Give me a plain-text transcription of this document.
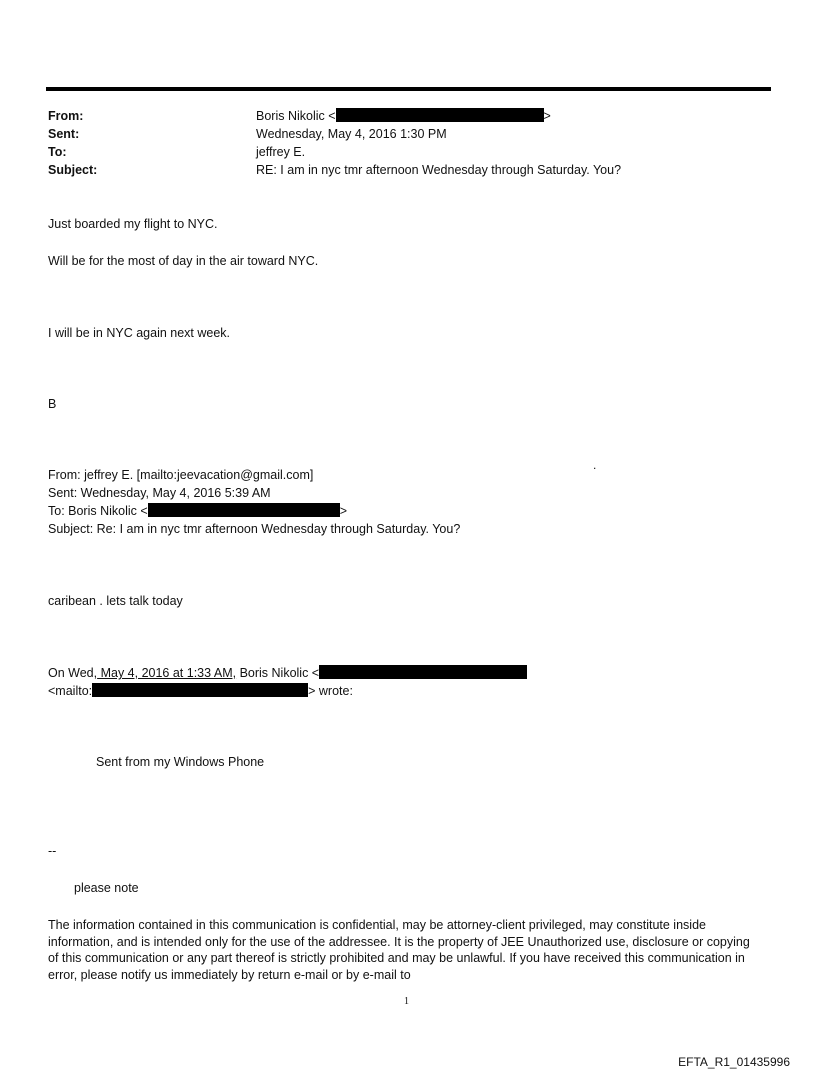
From:	Boris Nikolic <	>

Sent:	Wednesday, May 4, 2016 1:30 PM

To:	jeffrey E.

Subject:	RE: I am in nyc tmr afternoon Wednesday through Saturday. You?

Just boarded my flight to NYC.

Will be for the most of day in the air toward NYC.

I will be in NYC again next week.

B

.

From: jeffrey E. [mailto:jeevacation@gmail.com]

Sent: Wednesday, May 4, 2016 5:39 AM

To: Boris Nikolic <	>

Subject: Re: I am in nyc tmr afternoon Wednesday through Saturday. You?

caribean . lets talk today

On Wed, May 4, 2016 at 1:33 AM, Boris Nikolic <

<mailto:	> wrote:

Sent from my Windows Phone

--

please note

The information contained in this communication is confidential, may be attorney-client privileged, may constitute inside information, and is intended only for the use of the addressee. It is the property of JEE Unauthorized use, disclosure or copying of this communication or any part thereof is strictly prohibited and may be unlawful. If you have received this communication in error, please notify us immediately by return e-mail or by e-mail to

1
EFTA_R1_01435996
